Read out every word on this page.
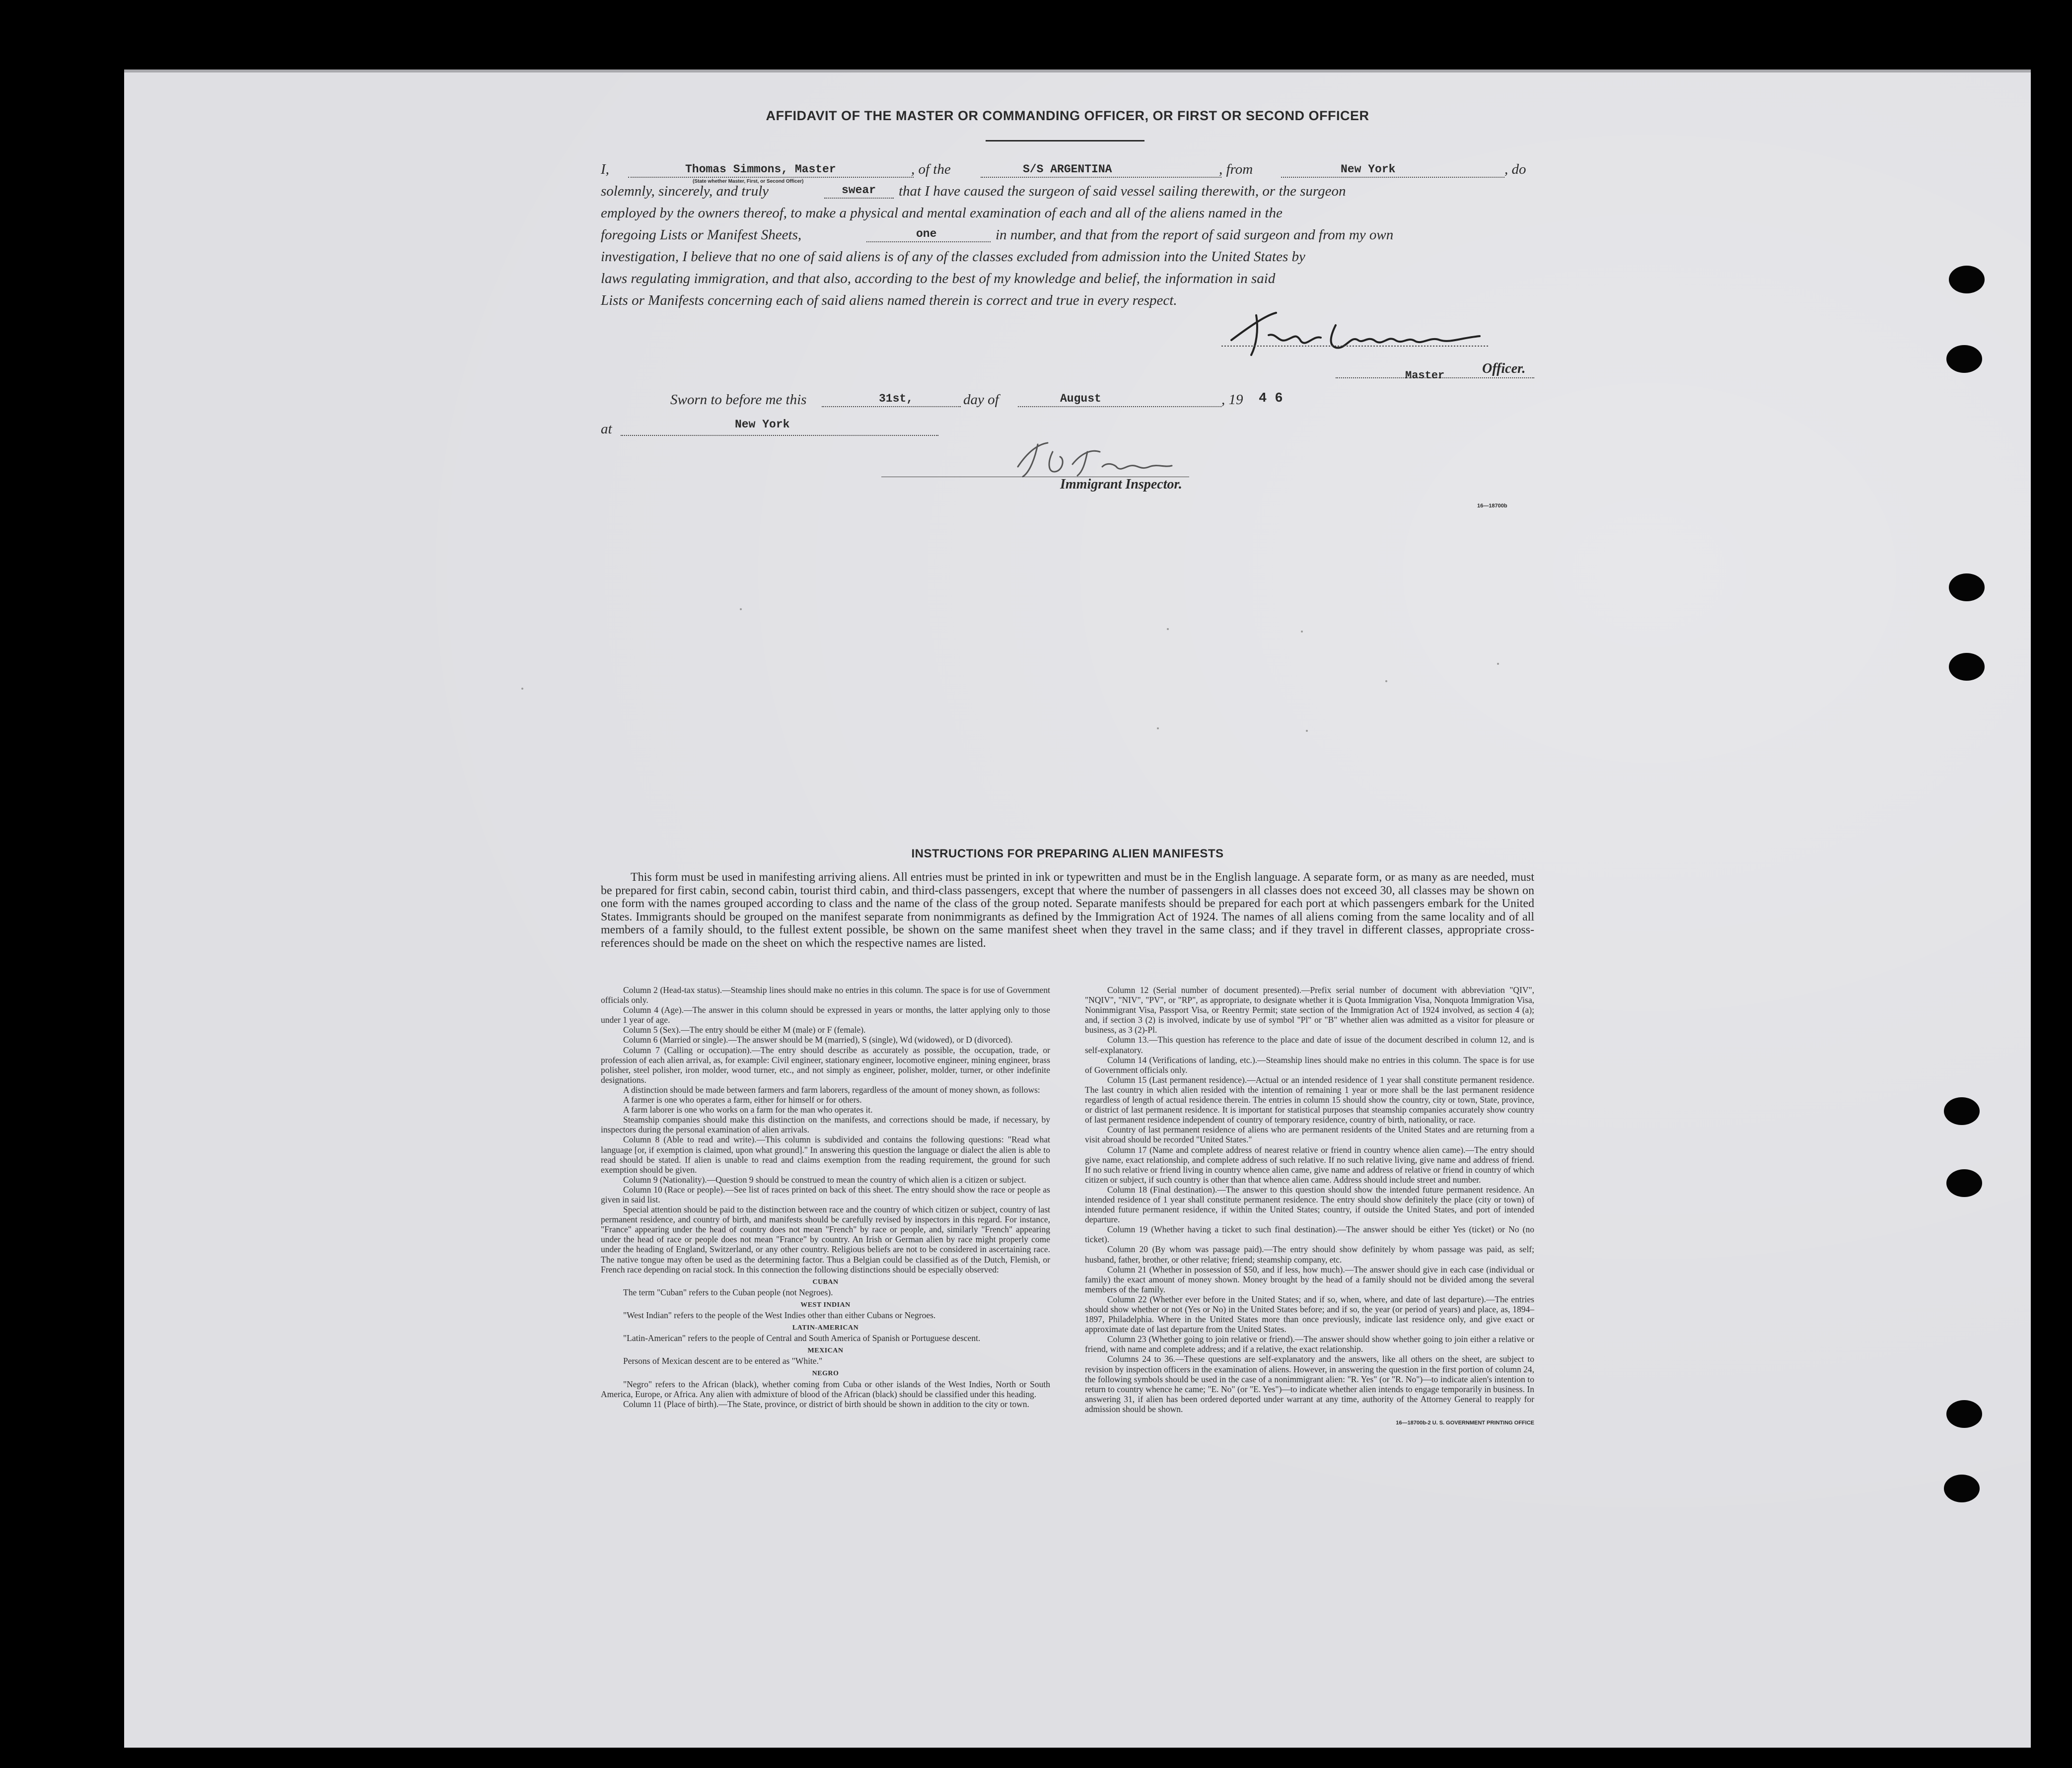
AFFIDAVIT OF THE MASTER OR COMMANDING OFFICER, OR FIRST OR SECOND OFFICER
I,	Thomas Simmons, Master
(State whether Master, First, or Second Officer)
, of the	S/S ARGENTINA	, from	New York	, do
solemnly, sincerely, and truly	swear that I have caused the surgeon of said vessel sailing therewith, or the surgeon
employed by the owners thereof, to make a physical and mental examination of each and all of the aliens named in the
foregoing Lists or Manifest Sheets,	one	in number, and that from the report of said surgeon and from my own
investigation, I believe that no one of said aliens is of any of the classes excluded from admission into the United States by
laws regulating immigration, and that also, according to the best of my knowledge and belief, the information in said
Lists or Manifests concerning each of said aliens named therein is correct and true in every respect.
Master	Officer.
Sworn to before me this	31st,	day of	August	, 19	4 6
at	New York
Immigrant Inspector.
16—18700b
INSTRUCTIONS FOR PREPARING ALIEN MANIFESTS
This form must be used in manifesting arriving aliens. All entries must be printed in ink or typewritten and must be in the English language. A separate form, or as many as are needed, must be prepared for first cabin, second cabin, tourist third cabin, and third-class passengers, except that where the number of passengers in all classes does not exceed 30, all classes may be shown on one form with the names grouped according to class and the name of the class of the group noted. Separate manifests should be prepared for each port at which passengers embark for the United States. Immigrants should be grouped on the manifest separate from nonimmigrants as defined by the Immigration Act of 1924. The names of all aliens coming from the same locality and of all members of a family should, to the fullest extent possible, be shown on the same manifest sheet when they travel in the same class; and if they travel in different classes, appropriate cross-references should be made on the sheet on which the respective names are listed.

Column 2 (Head-tax status).—Steamship lines should make no entries in this column. The space is for use of Government officials only.

Column 4 (Age).—The answer in this column should be expressed in years or months, the latter applying only to those under 1 year of age.

Column 5 (Sex).—The entry should be either M (male) or F (female).

Column 6 (Married or single).—The answer should be M (married), S (single), Wd (widowed), or D (divorced).

Column 7 (Calling or occupation).—The entry should describe as accurately as possible, the occupation, trade, or profession of each alien arrival, as, for example: Civil engineer, stationary engineer, locomotive engineer, mining engineer, brass polisher, steel polisher, iron molder, wood turner, etc., and not simply as engineer, polisher, molder, turner, or other indefinite designations.

A distinction should be made between farmers and farm laborers, regardless of the amount of money shown, as follows:

A farmer is one who operates a farm, either for himself or for others.

A farm laborer is one who works on a farm for the man who operates it.

Steamship companies should make this distinction on the manifests, and corrections should be made, if necessary, by inspectors during the personal examination of alien arrivals.

Column 8 (Able to read and write).—This column is subdivided and contains the following questions: "Read what language [or, if exemption is claimed, upon what ground]." In answering this question the language or dialect the alien is able to read should be stated. If alien is unable to read and claims exemption from the reading requirement, the ground for such exemption should be given.

Column 9 (Nationality).—Question 9 should be construed to mean the country of which alien is a citizen or subject.

Column 10 (Race or people).—See list of races printed on back of this sheet. The entry should show the race or people as given in said list.

Special attention should be paid to the distinction between race and the country of which citizen or subject, country of last permanent residence, and country of birth, and manifests should be carefully revised by inspectors in this regard. For instance, "France" appearing under the head of country does not mean "French" by race or people, and, similarly "French" appearing under the head of race or people does not mean "France" by country. An Irish or German alien by race might properly come under the heading of England, Switzerland, or any other country. Religious beliefs are not to be considered in ascertaining race. The native tongue may often be used as the determining factor. Thus a Belgian could be classified as of the Dutch, Flemish, or French race depending on racial stock. In this connection the following distinctions should be especially observed:

CUBAN

The term "Cuban" refers to the Cuban people (not Negroes).

WEST INDIAN

"West Indian" refers to the people of the West Indies other than either Cubans or Negroes.

LATIN-AMERICAN

"Latin-American" refers to the people of Central and South America of Spanish or Portuguese descent.

MEXICAN

Persons of Mexican descent are to be entered as "White."

NEGRO

"Negro" refers to the African (black), whether coming from Cuba or other islands of the West Indies, North or South America, Europe, or Africa. Any alien with admixture of blood of the African (black) should be classified under this heading.

Column 11 (Place of birth).—The State, province, or district of birth should be shown in addition to the city or town.

Column 12 (Serial number of document presented).—Prefix serial number of document with abbreviation "QIV", "NQIV", "NIV", "PV", or "RP", as appropriate, to designate whether it is Quota Immigration Visa, Nonquota Immigration Visa, Nonimmigrant Visa, Passport Visa, or Reentry Permit; state section of the Immigration Act of 1924 involved, as section 4 (a); and, if section 3 (2) is involved, indicate by use of symbol "Pl" or "B" whether alien was admitted as a visitor for pleasure or business, as 3 (2)-Pl.

Column 13.—This question has reference to the place and date of issue of the document described in column 12, and is self-explanatory.

Column 14 (Verifications of landing, etc.).—Steamship lines should make no entries in this column. The space is for use of Government officials only.

Column 15 (Last permanent residence).—Actual or an intended residence of 1 year shall constitute permanent residence. The last country in which alien resided with the intention of remaining 1 year or more shall be the last permanent residence regardless of length of actual residence therein. The entries in column 15 should show the country, city or town, State, province, or district of last permanent residence. It is important for statistical purposes that steamship companies accurately show country of last permanent residence independent of country of temporary residence, country of birth, nationality, or race.

Country of last permanent residence of aliens who are permanent residents of the United States and are returning from a visit abroad should be recorded "United States."

Column 17 (Name and complete address of nearest relative or friend in country whence alien came).—The entry should give name, exact relationship, and complete address of such relative. If no such relative living, give name and address of friend. If no such relative or friend living in country whence alien came, give name and address of relative or friend in country of which citizen or subject, if such country is other than that whence alien came. Address should include street and number.

Column 18 (Final destination).—The answer to this question should show the intended future permanent residence. An intended residence of 1 year shall constitute permanent residence. The entry should show definitely the place (city or town) of intended future permanent residence, if within the United States; country, if outside the United States, and port of intended departure.

Column 19 (Whether having a ticket to such final destination).—The answer should be either Yes (ticket) or No (no ticket).

Column 20 (By whom was passage paid).—The entry should show definitely by whom passage was paid, as self; husband, father, brother, or other relative; friend; steamship company, etc.

Column 21 (Whether in possession of $50, and if less, how much).—The answer should give in each case (individual or family) the exact amount of money shown. Money brought by the head of a family should not be divided among the several members of the family.

Column 22 (Whether ever before in the United States; and if so, when, where, and date of last departure).—The entries should show whether or not (Yes or No) in the United States before; and if so, the year (or period of years) and place, as, 1894–1897, Philadelphia. Where in the United States more than once previously, indicate last residence only, and give exact or approximate date of last departure from the United States.

Column 23 (Whether going to join relative or friend).—The answer should show whether going to join either a relative or friend, with name and complete address; and if a relative, the exact relationship.

Columns 24 to 36.—These questions are self-explanatory and the answers, like all others on the sheet, are subject to revision by inspection officers in the examination of aliens. However, in answering the question in the first portion of column 24, the following symbols should be used in the case of a nonimmigrant alien: "R. Yes" (or "R. No")—to indicate alien's intention to return to country whence he came; "E. No" (or "E. Yes")—to indicate whether alien intends to engage temporarily in business. In answering 31, if alien has been ordered deported under warrant at any time, authority of the Attorney General to reapply for admission should be shown.

16—18700b-2 U. S. GOVERNMENT PRINTING OFFICE
